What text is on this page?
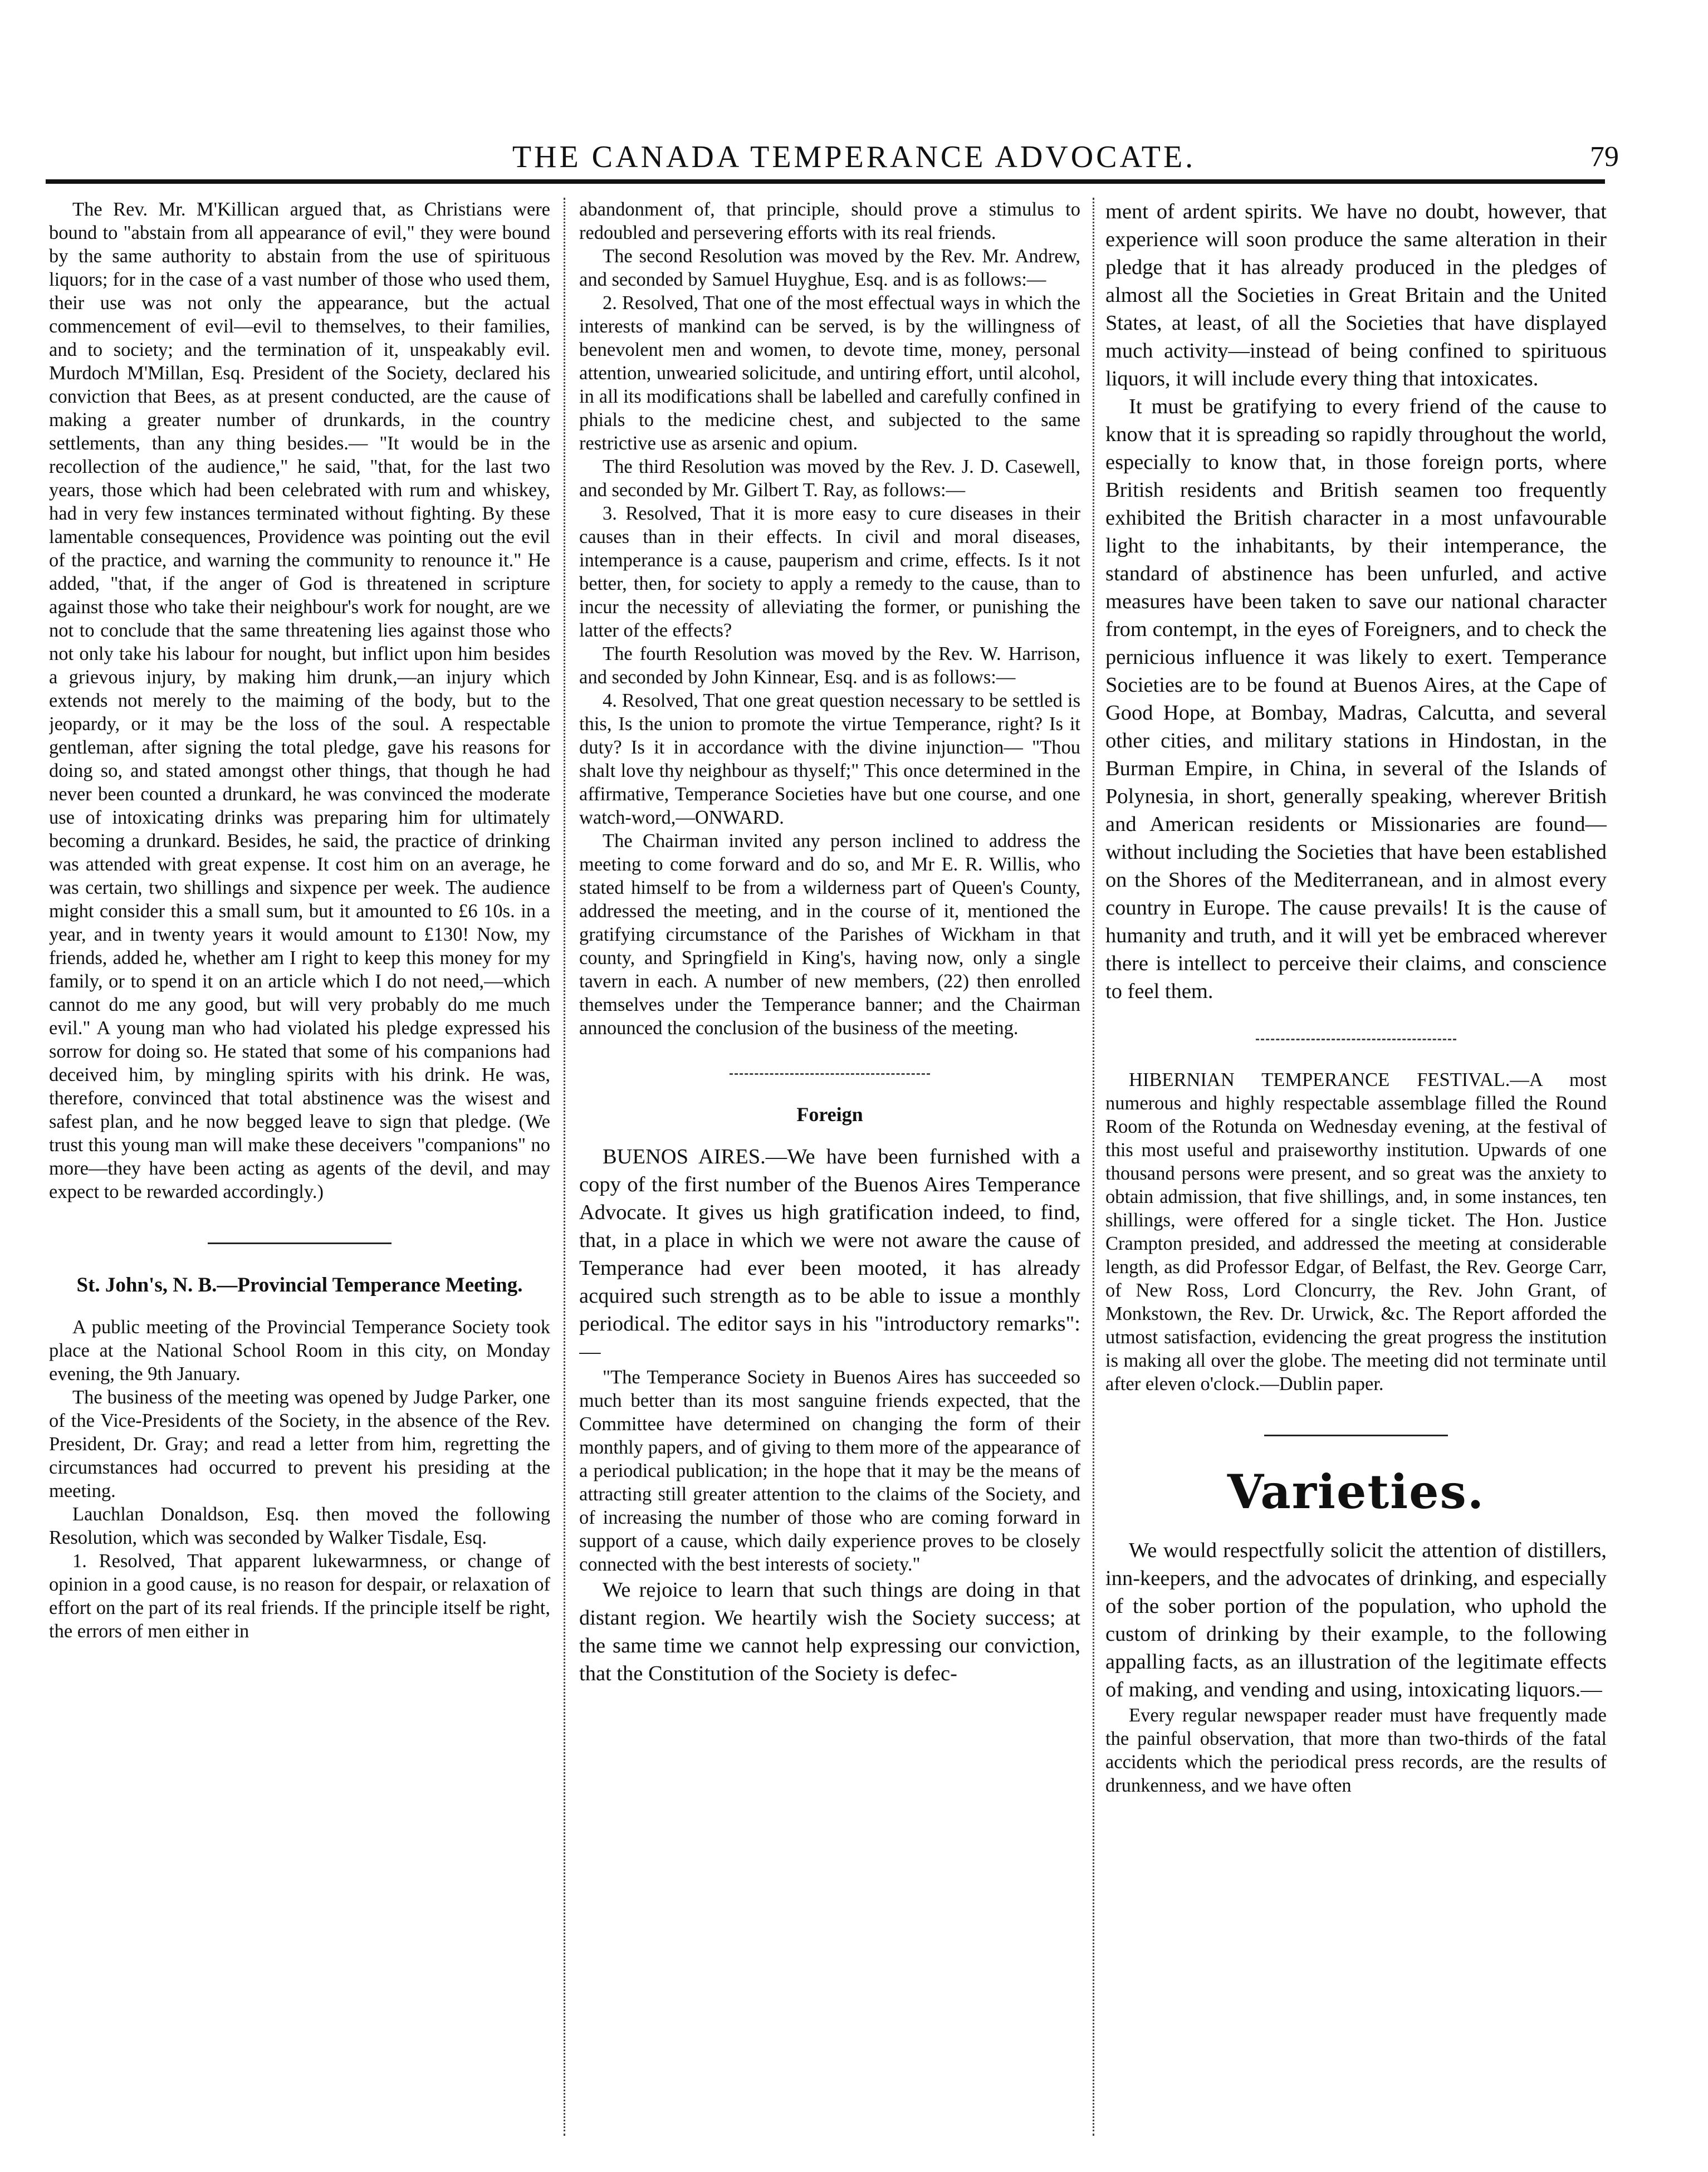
THE CANADA TEMPERANCE ADVOCATE.	79

The Rev. Mr. M'Killican argued that, as Christians were bound to "abstain from all appearance of evil," they were bound by the same authority to abstain from the use of spirituous liquors; for in the case of a vast number of those who used them, their use was not only the appearance, but the actual commencement of evil—evil to themselves, to their families, and to society; and the termination of it, unspeakably evil. Murdoch M'Millan, Esq. President of the Society, declared his conviction that Bees, as at present conducted, are the cause of making a greater number of drunkards, in the country settlements, than any thing besides.— "It would be in the recollection of the audience," he said, "that, for the last two years, those which had been celebrated with rum and whiskey, had in very few instances terminated without fighting. By these lamentable consequences, Providence was pointing out the evil of the practice, and warning the community to renounce it." He added, "that, if the anger of God is threatened in scripture against those who take their neighbour's work for nought, are we not to conclude that the same threatening lies against those who not only take his labour for nought, but inflict upon him besides a grievous injury, by making him drunk,—an injury which extends not merely to the maiming of the body, but to the jeopardy, or it may be the loss of the soul. A respectable gentleman, after signing the total pledge, gave his reasons for doing so, and stated amongst other things, that though he had never been counted a drunkard, he was convinced the moderate use of intoxicating drinks was preparing him for ultimately becoming a drunkard. Besides, he said, the practice of drinking was attended with great expense. It cost him on an average, he was certain, two shillings and sixpence per week. The audience might consider this a small sum, but it amounted to £6 10s. in a year, and in twenty years it would amount to £130! Now, my friends, added he, whether am I right to keep this money for my family, or to spend it on an article which I do not need,—which cannot do me any good, but will very probably do me much evil." A young man who had violated his pledge expressed his sorrow for doing so. He stated that some of his companions had deceived him, by mingling spirits with his drink. He was, therefore, convinced that total abstinence was the wisest and safest plan, and he now begged leave to sign that pledge. (We trust this young man will make these deceivers "companions" no more—they have been acting as agents of the devil, and may expect to be rewarded accordingly.)

St. John's, N. B.—Provincial Temperance Meeting.

A public meeting of the Provincial Temperance Society took place at the National School Room in this city, on Monday evening, the 9th January.

The business of the meeting was opened by Judge Parker, one of the Vice-Presidents of the Society, in the absence of the Rev. President, Dr. Gray; and read a letter from him, regretting the circumstances had occurred to prevent his presiding at the meeting.

Lauchlan Donaldson, Esq. then moved the following Resolution, which was seconded by Walker Tisdale, Esq.

1. Resolved, That apparent lukewarmness, or change of opinion in a good cause, is no reason for despair, or relaxation of effort on the part of its real friends. If the principle itself be right, the errors of men either in

abandonment of, that principle, should prove a stimulus to redoubled and persevering efforts with its real friends.

The second Resolution was moved by the Rev. Mr. Andrew, and seconded by Samuel Huyghue, Esq. and is as follows:—

2. Resolved, That one of the most effectual ways in which the interests of mankind can be served, is by the willingness of benevolent men and women, to devote time, money, personal attention, unwearied solicitude, and untiring effort, until alcohol, in all its modifications shall be labelled and carefully confined in phials to the medicine chest, and subjected to the same restrictive use as arsenic and opium.

The third Resolution was moved by the Rev. J. D. Casewell, and seconded by Mr. Gilbert T. Ray, as follows:—

3. Resolved, That it is more easy to cure diseases in their causes than in their effects. In civil and moral diseases, intemperance is a cause, pauperism and crime, effects. Is it not better, then, for society to apply a remedy to the cause, than to incur the necessity of alleviating the former, or punishing the latter of the effects?

The fourth Resolution was moved by the Rev. W. Harrison, and seconded by John Kinnear, Esq. and is as follows:—

4. Resolved, That one great question necessary to be settled is this, Is the union to promote the virtue Temperance, right? Is it duty? Is it in accordance with the divine injunction— "Thou shalt love thy neighbour as thyself;" This once determined in the affirmative, Temperance Societies have but one course, and one watch-word,—ONWARD.

The Chairman invited any person inclined to address the meeting to come forward and do so, and Mr E. R. Willis, who stated himself to be from a wilderness part of Queen's County, addressed the meeting, and in the course of it, mentioned the gratifying circumstance of the Parishes of Wickham in that county, and Springfield in King's, having now, only a single tavern in each. A number of new members, (22) then enrolled themselves under the Temperance banner; and the Chairman announced the conclusion of the business of the meeting.

Foreign

BUENOS AIRES.—We have been furnished with a copy of the first number of the Buenos Aires Temperance Advocate. It gives us high gratification indeed, to find, that, in a place in which we were not aware the cause of Temperance had ever been mooted, it has already acquired such strength as to be able to issue a monthly periodical. The editor says in his "introductory remarks":—

"The Temperance Society in Buenos Aires has succeeded so much better than its most sanguine friends expected, that the Committee have determined on changing the form of their monthly papers, and of giving to them more of the appearance of a periodical publication; in the hope that it may be the means of attracting still greater attention to the claims of the Society, and of increasing the number of those who are coming forward in support of a cause, which daily experience proves to be closely connected with the best interests of society."

We rejoice to learn that such things are doing in that distant region. We heartily wish the Society success; at the same time we cannot help expressing our conviction, that the Constitution of the Society is defec-

ment of ardent spirits. We have no doubt, however, that experience will soon produce the same alteration in their pledge that it has already produced in the pledges of almost all the Societies in Great Britain and the United States, at least, of all the Societies that have displayed much activity—instead of being confined to spirituous liquors, it will include every thing that intoxicates.

It must be gratifying to every friend of the cause to know that it is spreading so rapidly throughout the world, especially to know that, in those foreign ports, where British residents and British seamen too frequently exhibited the British character in a most unfavourable light to the inhabitants, by their intemperance, the standard of abstinence has been unfurled, and active measures have been taken to save our national character from contempt, in the eyes of Foreigners, and to check the pernicious influence it was likely to exert. Temperance Societies are to be found at Buenos Aires, at the Cape of Good Hope, at Bombay, Madras, Calcutta, and several other cities, and military stations in Hindostan, in the Burman Empire, in China, in several of the Islands of Polynesia, in short, generally speaking, wherever British and American residents or Missionaries are found—without including the Societies that have been established on the Shores of the Mediterranean, and in almost every country in Europe. The cause prevails! It is the cause of humanity and truth, and it will yet be embraced wherever there is intellect to perceive their claims, and conscience to feel them.

HIBERNIAN TEMPERANCE FESTIVAL.—A most numerous and highly respectable assemblage filled the Round Room of the Rotunda on Wednesday evening, at the festival of this most useful and praiseworthy institution. Upwards of one thousand persons were present, and so great was the anxiety to obtain admission, that five shillings, and, in some instances, ten shillings, were offered for a single ticket. The Hon. Justice Crampton presided, and addressed the meeting at considerable length, as did Professor Edgar, of Belfast, the Rev. George Carr, of New Ross, Lord Cloncurry, the Rev. John Grant, of Monkstown, the Rev. Dr. Urwick, &c. The Report afforded the utmost satisfaction, evidencing the great progress the institution is making all over the globe. The meeting did not terminate until after eleven o'clock.—Dublin paper.

Varieties.

We would respectfully solicit the attention of distillers, inn-keepers, and the advocates of drinking, and especially of the sober portion of the population, who uphold the custom of drinking by their example, to the following appalling facts, as an illustration of the legitimate effects of making, and vending and using, intoxicating liquors.—

Every regular newspaper reader must have frequently made the painful observation, that more than two-thirds of the fatal accidents which the periodical press records, are the results of drunkenness, and we have often
